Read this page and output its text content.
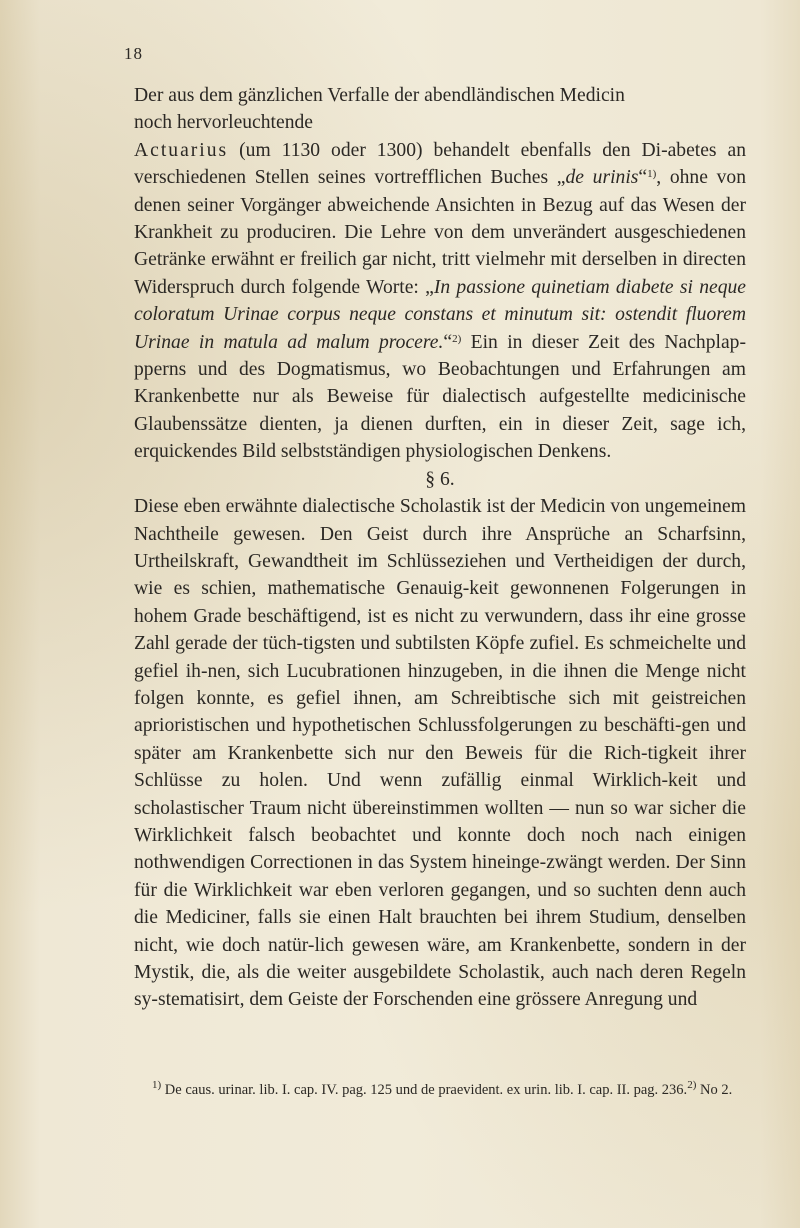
18

Der aus dem gänzlichen Verfalle der abendländischen Medicin
noch hervorleuchtende

Actuarius (um 1130 oder 1300) behandelt ebenfalls den Di-abetes an verschiedenen Stellen seines vortrefflichen Buches „de urinis“$^{1)}$, ohne von denen seiner Vorgänger abweichende Ansichten in Bezug auf das Wesen der Krankheit zu produciren. Die Lehre von dem unverändert ausgeschiedenen Getränke erwähnt er freilich gar nicht, tritt vielmehr mit derselben in directen Widerspruch durch folgende Worte: „In passione quinetiam diabete si neque coloratum Urinae corpus neque constans et minutum sit: ostendit fluorem Urinae in matula ad malum procere.“$^{2)}$ Ein in dieser Zeit des Nachplap-pperns und des Dogmatismus, wo Beobachtungen und Erfahrungen am Krankenbette nur als Beweise für dialectisch aufgestellte medicinische Glaubenssätze dienten, ja dienen durften, ein in dieser Zeit, sage ich, erquickendes Bild selbstständigen physiologischen Denkens.

§ 6.

Diese eben erwähnte dialectische Scholastik ist der Medicin von ungemeinem Nachtheile gewesen. Den Geist durch ihre Ansprüche an Scharfsinn, Urtheilskraft, Gewandtheit im Schlüsseziehen und Vertheidigen der durch, wie es schien, mathematische Genauig-keit gewonnenen Folgerungen in hohem Grade beschäftigend, ist es nicht zu verwundern, dass ihr eine grosse Zahl gerade der tüch-tigsten und subtilsten Köpfe zufiel. Es schmeichelte und gefiel ih-nen, sich Lucubrationen hinzugeben, in die ihnen die Menge nicht folgen konnte, es gefiel ihnen, am Schreibtische sich mit geistreichen aprioristischen und hypothetischen Schlussfolgerungen zu beschäfti-gen und später am Krankenbette sich nur den Beweis für die Rich-tigkeit ihrer Schlüsse zu holen. Und wenn zufällig einmal Wirklich-keit und scholastischer Traum nicht übereinstimmen wollten — nun so war sicher die Wirklichkeit falsch beobachtet und konnte doch noch nach einigen nothwendigen Correctionen in das System hineinge-zwängt werden. Der Sinn für die Wirklichkeit war eben verloren gegangen, und so suchten denn auch die Mediciner, falls sie einen Halt brauchten bei ihrem Studium, denselben nicht, wie doch natür-lich gewesen wäre, am Krankenbette, sondern in der Mystik, die, als die weiter ausgebildete Scholastik, auch nach deren Regeln sy-stematisirt, dem Geiste der Forschenden eine grössere Anregung und

$^{1)}$ De caus. urinar. lib. I. cap. IV. pag. 125 und de praevident. ex urin. lib. I. cap. II. pag. 236.$^{2)}$ No 2.
